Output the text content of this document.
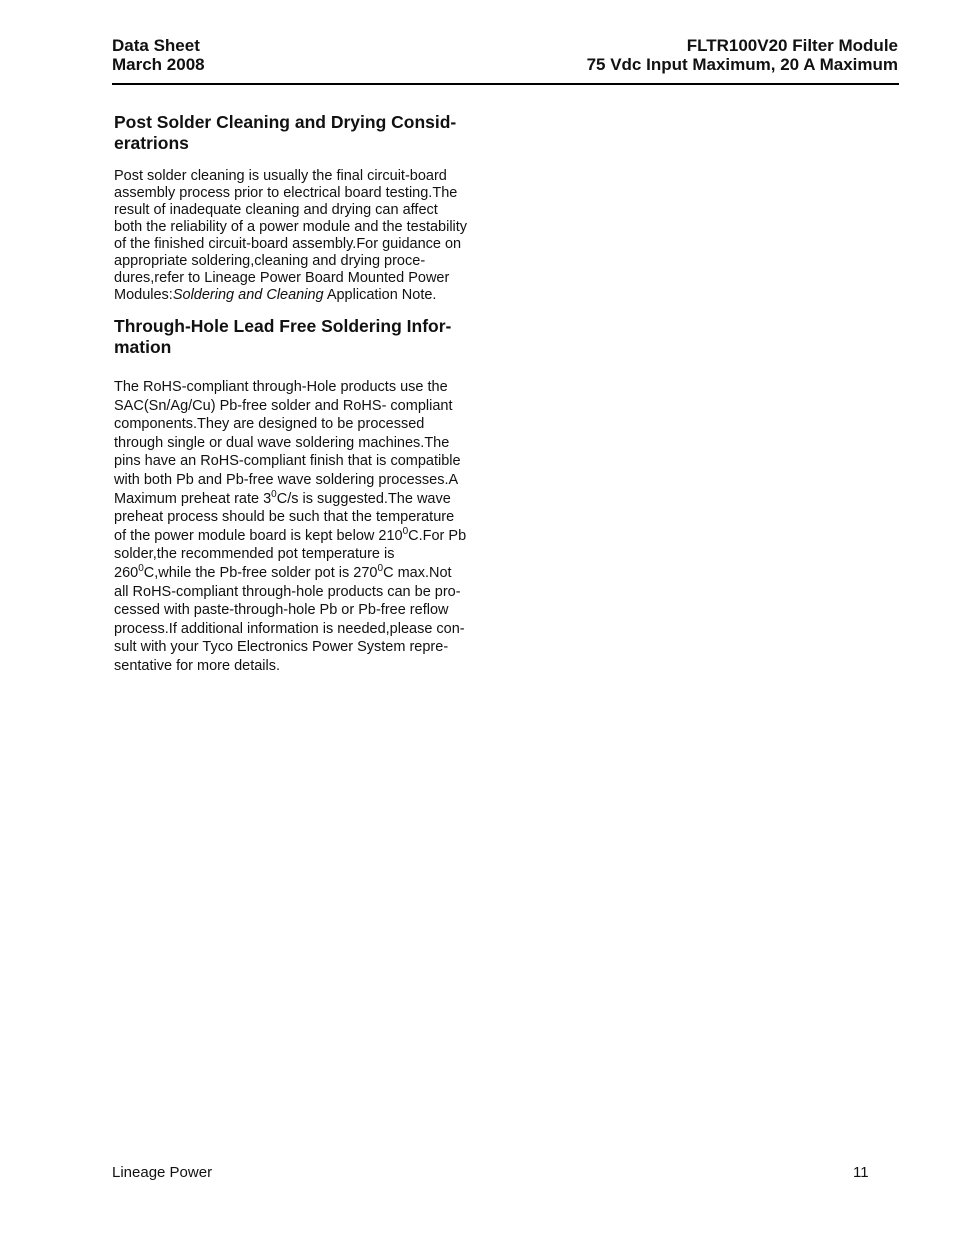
Data Sheet
March 2008
FLTR100V20 Filter Module
75 Vdc Input Maximum, 20 A Maximum
Post Solder Cleaning and Drying Consid-
eratrions

Post solder cleaning is usually the final circuit-board
assembly process prior to electrical board testing.The
result of inadequate cleaning and drying can affect
both the reliability of a power module and the testability
of the finished circuit-board assembly.For guidance on
appropriate soldering,cleaning and drying proce-
dures,refer to Lineage Power Board Mounted Power
Modules:Soldering and Cleaning Application Note.

Through-Hole Lead Free Soldering Infor-
mation

The RoHS-compliant through-Hole products use the
SAC(Sn/Ag/Cu) Pb-free solder and RoHS- compliant
components.They are designed to be processed
through single or dual wave soldering machines.The
pins have an RoHS-compliant finish that is compatible
with both Pb and Pb-free wave soldering processes.A
Maximum preheat rate $3^0C/s$ is suggested.The wave
preheat process should be such that the temperature
of the power module board is kept below $210^0C.For$ Pb
solder,the recommended pot temperature is
$260^0C,while$ the Pb-free solder pot is $270^0C$ max.Not
all RoHS-compliant through-hole products can be pro-
cessed with paste-through-hole Pb or Pb-free reflow
process.If additional information is needed,please con-
sult with your Tyco Electronics Power System repre-
sentative for more details.

Lineage Power	11
